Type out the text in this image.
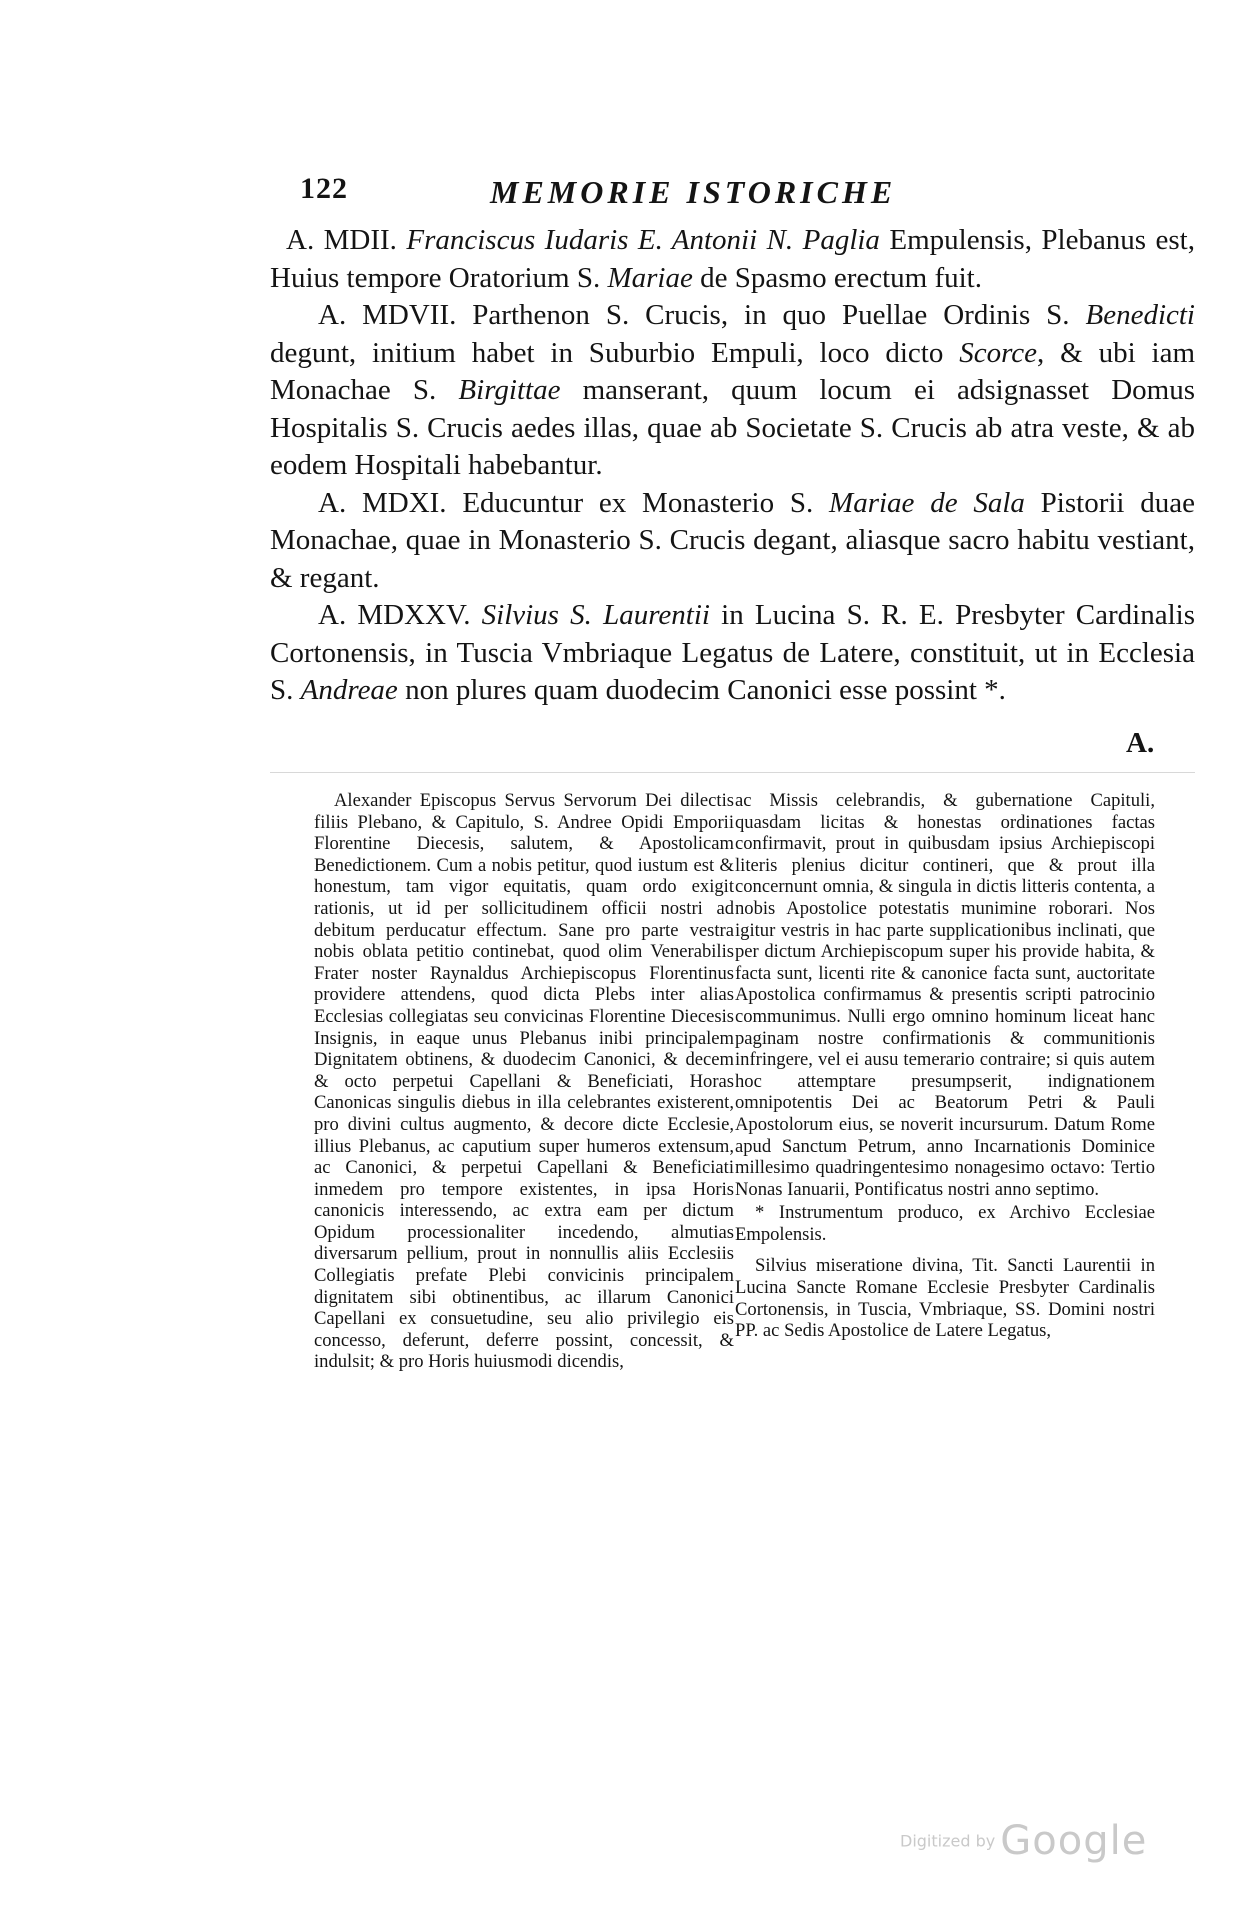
122	MEMORIE ISTORICHE

A. MDII. Franciscus Iudaris E. Antonii N. Paglia Empulensis, Plebanus est, Huius tempore Oratorium S. Mariae de Spasmo erectum fuit.

A. MDVII. Parthenon S. Crucis, in quo Puellae Ordinis S. Benedicti degunt, initium habet in Suburbio Empuli, loco dicto Scorce, & ubi iam Monachae S. Birgittae manserant, quum locum ei adsignasset Domus Hospitalis S. Crucis aedes illas, quae ab Societate S. Crucis ab atra veste, & ab eodem Hospitali habebantur.

A. MDXI. Educuntur ex Monasterio S. Mariae de Sala Pistorii duae Monachae, quae in Monasterio S. Crucis degant, aliasque sacro habitu vestiant, & regant.

A. MDXXV. Silvius S. Laurentii in Lucina S. R. E. Presbyter Cardinalis Cortonensis, in Tuscia Vmbriaque Legatus de Latere, constituit, ut in Ecclesia S. Andreae non plures quam duodecim Canonici esse possint *.

A.

Alexander Episcopus Servus Servorum Dei dilectis filiis Plebano, & Capitulo, S. Andree Opidi Emporii Florentine Diecesis, salutem, & Apostolicam Benedictionem. Cum a nobis petitur, quod iustum est & honestum, tam vigor equitatis, quam ordo exigit rationis, ut id per sollicitudinem officii nostri ad debitum perducatur effectum. Sane pro parte vestra nobis oblata petitio continebat, quod olim Venerabilis Frater noster Raynaldus Archiepiscopus Florentinus providere attendens, quod dicta Plebs inter alias Ecclesias collegiatas seu convicinas Florentine Diecesis Insignis, in eaque unus Plebanus inibi principalem Dignitatem obtinens, & duodecim Canonici, & decem & octo perpetui Capellani & Beneficiati, Horas Canonicas singulis diebus in illa celebrantes existerent, pro divini cultus augmento, & decore dicte Ecclesie, illius Plebanus, ac caputium super humeros extensum, ac Canonici, & perpetui Capellani & Beneficiati inmedem pro tempore existentes, in ipsa Horis canonicis interessendo, ac extra eam per dictum Opidum processionaliter incedendo, almutias diversarum pellium, prout in nonnullis aliis Ecclesiis Collegiatis prefate Plebi convicinis principalem dignitatem sibi obtinentibus, ac illarum Canonici Capellani ex consuetudine, seu alio privilegio eis concesso, deferunt, deferre possint, concessit, & indulsit; & pro Horis huiusmodi dicendis,

ac Missis celebrandis, & gubernatione Capituli, quasdam licitas & honestas ordinationes factas confirmavit, prout in quibusdam ipsius Archiepiscopi literis plenius dicitur contineri, que & prout illa concernunt omnia, & singula in dictis litteris contenta, a nobis Apostolice potestatis munimine roborari. Nos igitur vestris in hac parte supplicationibus inclinati, que per dictum Archiepiscopum super his provide habita, & facta sunt, licenti rite & canonice facta sunt, auctoritate Apostolica confirmamus & presentis scripti patrocinio communimus. Nulli ergo omnino hominum liceat hanc paginam nostre confirmationis & communitionis infringere, vel ei ausu temerario contraire; si quis autem hoc attemptare presumpserit, indignationem omnipotentis Dei ac Beatorum Petri & Pauli Apostolorum eius, se noverit incursurum. Datum Rome apud Sanctum Petrum, anno Incarnationis Dominice millesimo quadringentesimo nonagesimo octavo: Tertio Nonas Ianuarii, Pontificatus nostri anno septimo.

* Instrumentum produco, ex Archivo Ecclesiae Empolensis.

Silvius miseratione divina, Tit. Sancti Laurentii in Lucina Sancte Romane Ecclesie Presbyter Cardinalis Cortonensis, in Tuscia, Vmbriaque, SS. Domini nostri PP. ac Sedis Apostolice de Latere Legatus,

Digitized by Google
